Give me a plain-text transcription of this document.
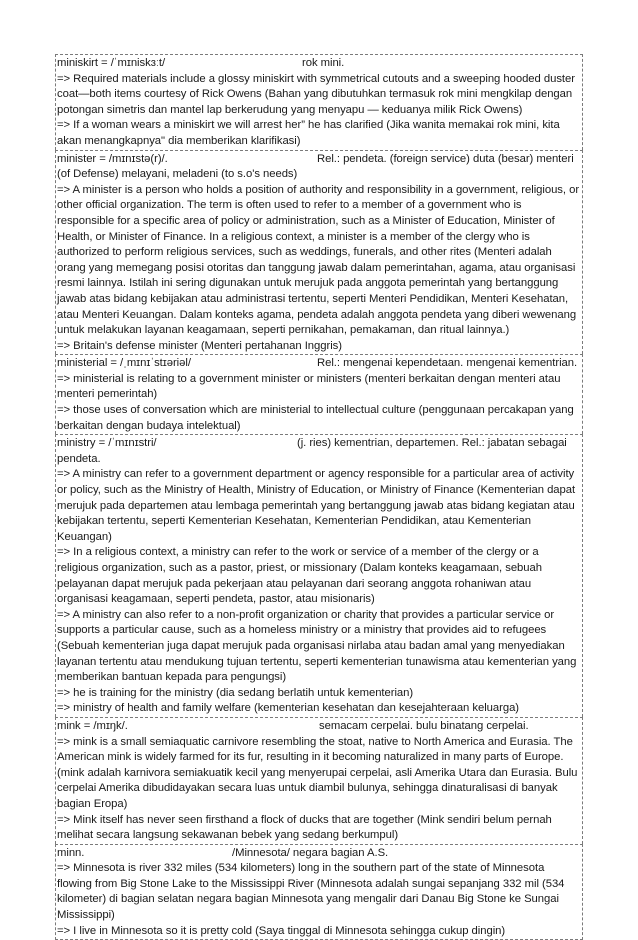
miniskirt = /ˈmɪniskɜːt/	rok mini.

=> Required materials include a glossy miniskirt with symmetrical cutouts and a sweeping hooded duster coat—both items courtesy of Rick Owens (Bahan yang dibutuhkan termasuk rok mini mengkilap dengan potongan simetris dan mantel lap berkerudung yang menyapu — keduanya milik Rick Owens)

=> If a woman wears a miniskirt we will arrest her” he has clarified (Jika wanita memakai rok mini, kita akan menangkapnya" dia memberikan klarifikasi)

minister = /mɪnɪstə(r)/.	Rel.: pendeta. (foreign service) duta (besar) menteri

(of Defense) melayani, meladeni (to s.o's needs)

=> A minister is a person who holds a position of authority and responsibility in a government, religious, or other official organization. The term is often used to refer to a member of a government who is responsible for a specific area of policy or administration, such as a Minister of Education, Minister of Health, or Minister of Finance. In a religious context, a minister is a member of the clergy who is authorized to perform religious services, such as weddings, funerals, and other rites (Menteri adalah orang yang memegang posisi otoritas dan tanggung jawab dalam pemerintahan, agama, atau organisasi resmi lainnya. Istilah ini sering digunakan untuk merujuk pada anggota pemerintah yang bertanggung jawab atas bidang kebijakan atau administrasi tertentu, seperti Menteri Pendidikan, Menteri Kesehatan, atau Menteri Keuangan. Dalam konteks agama, pendeta adalah anggota pendeta yang diberi wewenang untuk melakukan layanan keagamaan, seperti pernikahan, pemakaman, dan ritual lainnya.)

=> Britain's defense minister (Menteri pertahanan Inggris)

ministerial = /ˌmɪnɪˈstɪəriəl/	Rel.: mengenai kependetaan. mengenai kementrian.

=> ministerial is relating to a government minister or ministers (menteri berkaitan dengan menteri atau menteri pemerintah)

=> those uses of conversation which are ministerial to intellectual culture (penggunaan percakapan yang berkaitan dengan budaya intelektual)

ministry = /ˈmɪnɪstri/	(j. ries) kementrian, departemen. Rel.: jabatan sebagai

pendeta.

=> A ministry can refer to a government department or agency responsible for a particular area of activity or policy, such as the Ministry of Health, Ministry of Education, or Ministry of Finance (Kementerian dapat merujuk pada departemen atau lembaga pemerintah yang bertanggung jawab atas bidang kegiatan atau kebijakan tertentu, seperti Kementerian Kesehatan, Kementerian Pendidikan, atau Kementerian Keuangan)

=> In a religious context, a ministry can refer to the work or service of a member of the clergy or a religious organization, such as a pastor, priest, or missionary (Dalam konteks keagamaan, sebuah pelayanan dapat merujuk pada pekerjaan atau pelayanan dari seorang anggota rohaniwan atau organisasi keagamaan, seperti pendeta, pastor, atau misionaris)

=> A ministry can also refer to a non-profit organization or charity that provides a particular service or supports a particular cause, such as a homeless ministry or a ministry that provides aid to refugees (Sebuah kementerian juga dapat merujuk pada organisasi nirlaba atau badan amal yang menyediakan layanan tertentu atau mendukung tujuan tertentu, seperti kementerian tunawisma atau kementerian yang memberikan bantuan kepada para pengungsi)

=> he is training for the ministry (dia sedang berlatih untuk kementerian)

=> ministry of health and family welfare (kementerian kesehatan dan kesejahteraan keluarga)

mink = /mɪŋk/.	semacam cerpelai. bulu binatang cerpelai.

=> mink is a small semiaquatic carnivore resembling the stoat, native to North America and Eurasia. The American mink is widely farmed for its fur, resulting in it becoming naturalized in many parts of Europe. (mink adalah karnivora semiakuatik kecil yang menyerupai cerpelai, asli Amerika Utara dan Eurasia. Bulu cerpelai Amerika dibudidayakan secara luas untuk diambil bulunya, sehingga dinaturalisasi di banyak bagian Eropa)

=> Mink itself has never seen firsthand a flock of ducks that are together (Mink sendiri belum pernah melihat secara langsung sekawanan bebek yang sedang berkumpul)

minn.	/Minnesota/ negara bagian A.S.

=> Minnesota is river 332 miles (534 kilometers) long in the southern part of the state of Minnesota flowing from Big Stone Lake to the Mississippi River (Minnesota adalah sungai sepanjang 332 mil (534 kilometer) di bagian selatan negara bagian Minnesota yang mengalir dari Danau Big Stone ke Sungai Mississippi)

=> I live in Minnesota so it is pretty cold (Saya tinggal di Minnesota sehingga cukup dingin)
